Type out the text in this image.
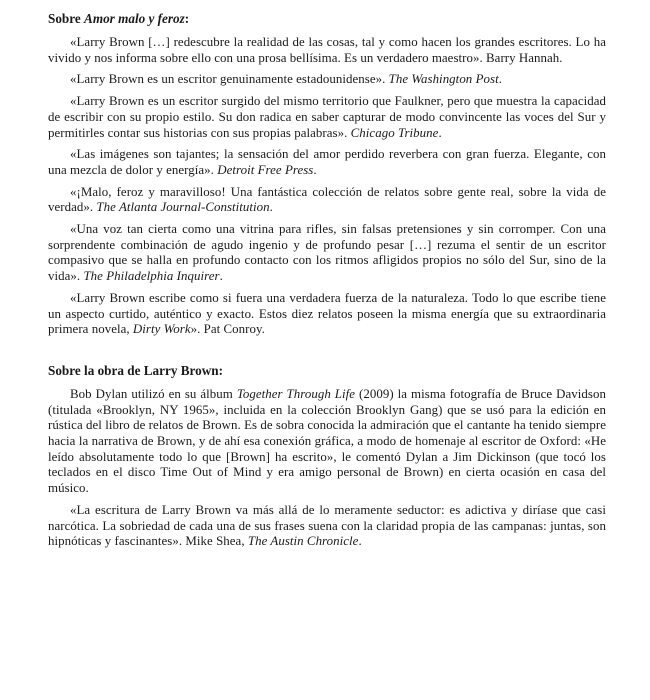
Sobre Amor malo y feroz:

«Larry Brown […] redescubre la realidad de las cosas, tal y como hacen los grandes escritores. Lo ha vivido y nos informa sobre ello con una prosa bellísima. Es un verdadero maestro». Barry Hannah.

«Larry Brown es un escritor genuinamente estadounidense». The Washington Post.

«Larry Brown es un escritor surgido del mismo territorio que Faulkner, pero que muestra la capacidad de escribir con su propio estilo. Su don radica en saber capturar de modo convincente las voces del Sur y permitirles contar sus historias con sus propias palabras». Chicago Tribune.

«Las imágenes son tajantes; la sensación del amor perdido reverbera con gran fuerza. Elegante, con una mezcla de dolor y energía». Detroit Free Press.

«¡Malo, feroz y maravilloso! Una fantástica colección de relatos sobre gente real, sobre la vida de verdad». The Atlanta Journal-Constitution.

«Una voz tan cierta como una vitrina para rifles, sin falsas pretensiones y sin corromper. Con una sorprendente combinación de agudo ingenio y de profundo pesar […] rezuma el sentir de un escritor compasivo que se halla en profundo contacto con los ritmos afligidos propios no sólo del Sur, sino de la vida». The Philadelphia Inquirer.

«Larry Brown escribe como si fuera una verdadera fuerza de la naturaleza. Todo lo que escribe tiene un aspecto curtido, auténtico y exacto. Estos diez relatos poseen la misma energía que su extraordinaria primera novela, Dirty Work». Pat Conroy.

Sobre la obra de Larry Brown:

Bob Dylan utilizó en su álbum Together Through Life (2009) la misma fotografía de Bruce Davidson (titulada «Brooklyn, NY 1965», incluida en la colección Brooklyn Gang) que se usó para la edición en rústica del libro de relatos de Brown. Es de sobra conocida la admiración que el cantante ha tenido siempre hacia la narrativa de Brown, y de ahí esa conexión gráfica, a modo de homenaje al escritor de Oxford: «He leído absolutamente todo lo que [Brown] ha escrito», le comentó Dylan a Jim Dickinson (que tocó los teclados en el disco Time Out of Mind y era amigo personal de Brown) en cierta ocasión en casa del músico.

«La escritura de Larry Brown va más allá de lo meramente seductor: es adictiva y diríase que casi narcótica. La sobriedad de cada una de sus frases suena con la claridad propia de las campanas: juntas, son hipnóticas y fascinantes». Mike Shea, The Austin Chronicle.
